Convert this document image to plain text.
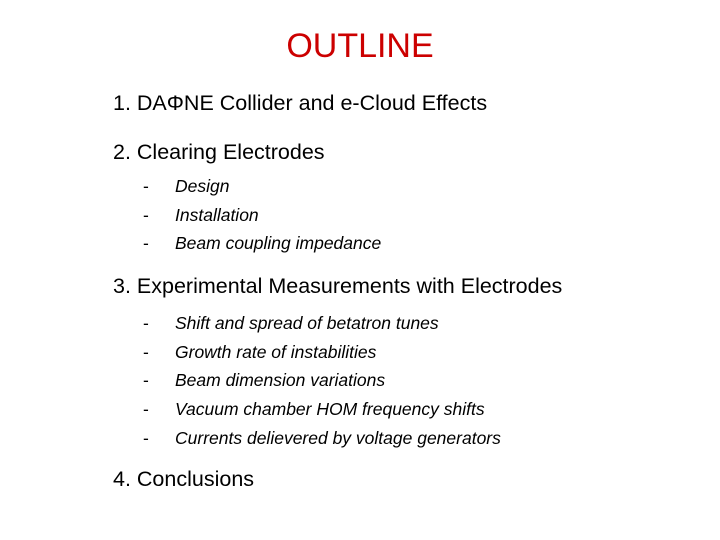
OUTLINE
1. DAΦNE Collider and e-Cloud Effects
2. Clearing Electrodes
- Design
- Installation
- Beam coupling impedance
3. Experimental Measurements with Electrodes
- Shift and spread of betatron tunes
- Growth rate of instabilities
- Beam dimension variations
- Vacuum chamber HOM frequency shifts
- Currents delievered by voltage generators
4. Conclusions
